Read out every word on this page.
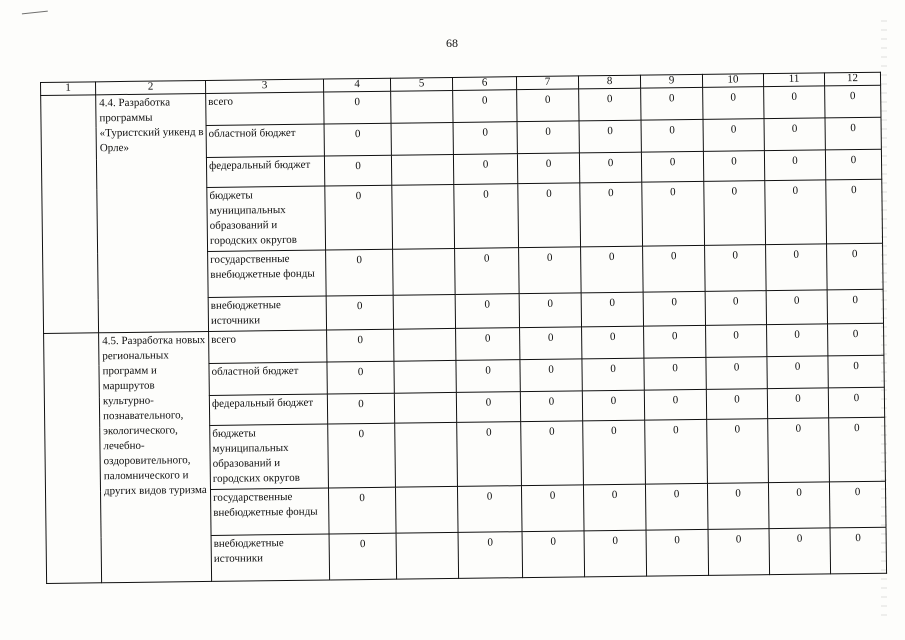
68
1	2	3	4	5	6	7	8	9	10	11	12
	4.4. Разработка программы «Туристский уикенд в Орле»	всего	0		0	0	0	0	0	0	0
		областной бюджет	0		0	0	0	0	0	0	0
		федеральный бюджет	0		0	0	0	0	0	0	0
		бюджеты муниципальных образований и городских округов	0		0	0	0	0	0	0	0
		государственные внебюджетные фонды	0		0	0	0	0	0	0	0
		внебюджетные источники	0		0	0	0	0	0	0	0
	4.5. Разработка новых региональных программ и маршрутов культурно-познавательного, экологического, лечебно-оздоровительного, паломнического и других видов туризма	всего	0		0	0	0	0	0	0	0
		областной бюджет	0		0	0	0	0	0	0	0
		федеральный бюджет	0		0	0	0	0	0	0	0
		бюджеты муниципальных образований и городских округов	0		0	0	0	0	0	0	0
		государственные внебюджетные фонды	0		0	0	0	0	0	0	0
		внебюджетные источники	0		0	0	0	0	0	0	0
